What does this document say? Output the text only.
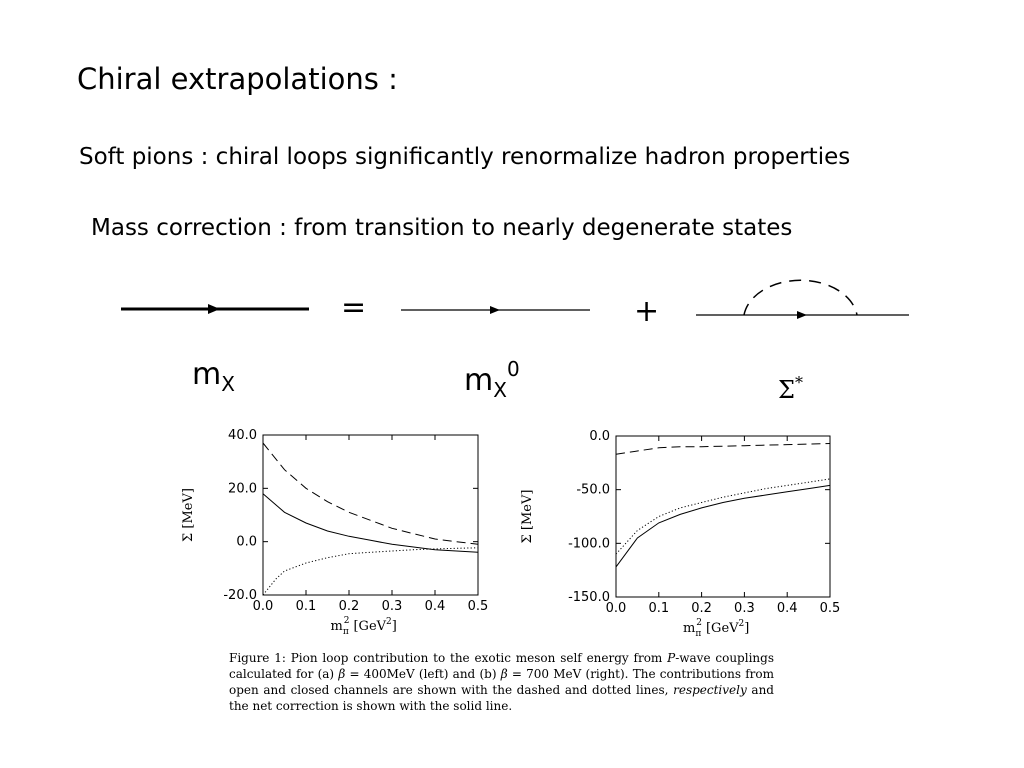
Chiral extrapolations :
Soft pions : chiral loops significantly renormalize hadron properties
Mass correction : from transition to nearly degenerate states
=	+
$m_X$	$m_X^0$
Σ*
0.0 0.1 0.2 0.3 0.4 0.5
-20.0
0.0
20.0
40.0
Σ [MeV]
$m_\pi 2$ [GeV$^2$]
0.0 0.1 0.2 0.3 0.4 0.5
-150.0
-100.0
-50.0
0.0
Σ [MeV]
$m_\pi 2$ [GeV$^2$]
Figure 1: Pion loop contribution to the exotic meson self energy from P-wave couplings calculated for (a) β = 400MeV (left) and (b) β = 700 MeV (right). The contributions from open and closed channels are shown with the dashed and dotted lines, respectively and the net correction is shown with the solid line.
